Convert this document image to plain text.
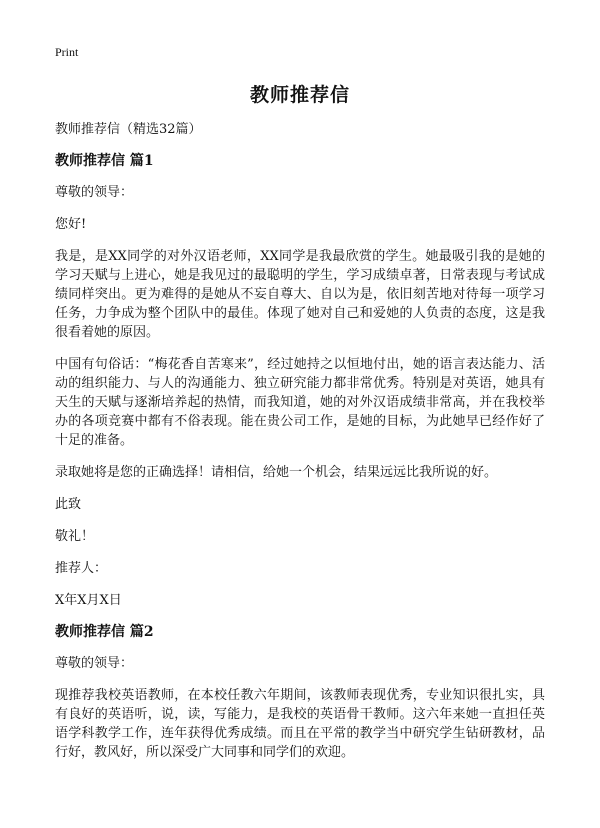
Print
教师推荐信

教师推荐信（精选32篇）

教师推荐信 篇1

尊敬的领导：

您好!

我是，是XX同学的对外汉语老师，XX同学是我最欣赏的学生。她最吸引我的是她的学习天赋与上进心，她是我见过的最聪明的学生，学习成绩卓著，日常表现与考试成绩同样突出。更为难得的是她从不妄自尊大、自以为是，依旧刻苦地对待每一项学习任务，力争成为整个团队中的最佳。体现了她对自己和爱她的人负责的态度，这是我很看着她的原因。

中国有句俗话：“梅花香自苦寒来”，经过她持之以恒地付出，她的语言表达能力、活动的组织能力、与人的沟通能力、独立研究能力都非常优秀。特别是对英语，她具有天生的天赋与逐渐培养起的热情，而我知道，她的对外汉语成绩非常高，并在我校举办的各项竞赛中都有不俗表现。能在贵公司工作，是她的目标，为此她早已经作好了十足的准备。

录取她将是您的正确选择！请相信，给她一个机会，结果远远比我所说的好。

此致

敬礼！

推荐人：

X年X月X日

教师推荐信 篇2

尊敬的领导：

现推荐我校英语教师，在本校任教六年期间，该教师表现优秀，专业知识很扎实，具有良好的英语听，说，读，写能力，是我校的英语骨干教师。这六年来她一直担任英语学科教学工作，连年获得优秀成绩。而且在平常的教学当中研究学生钻研教材，品行好，教风好，所以深受广大同事和同学们的欢迎。
